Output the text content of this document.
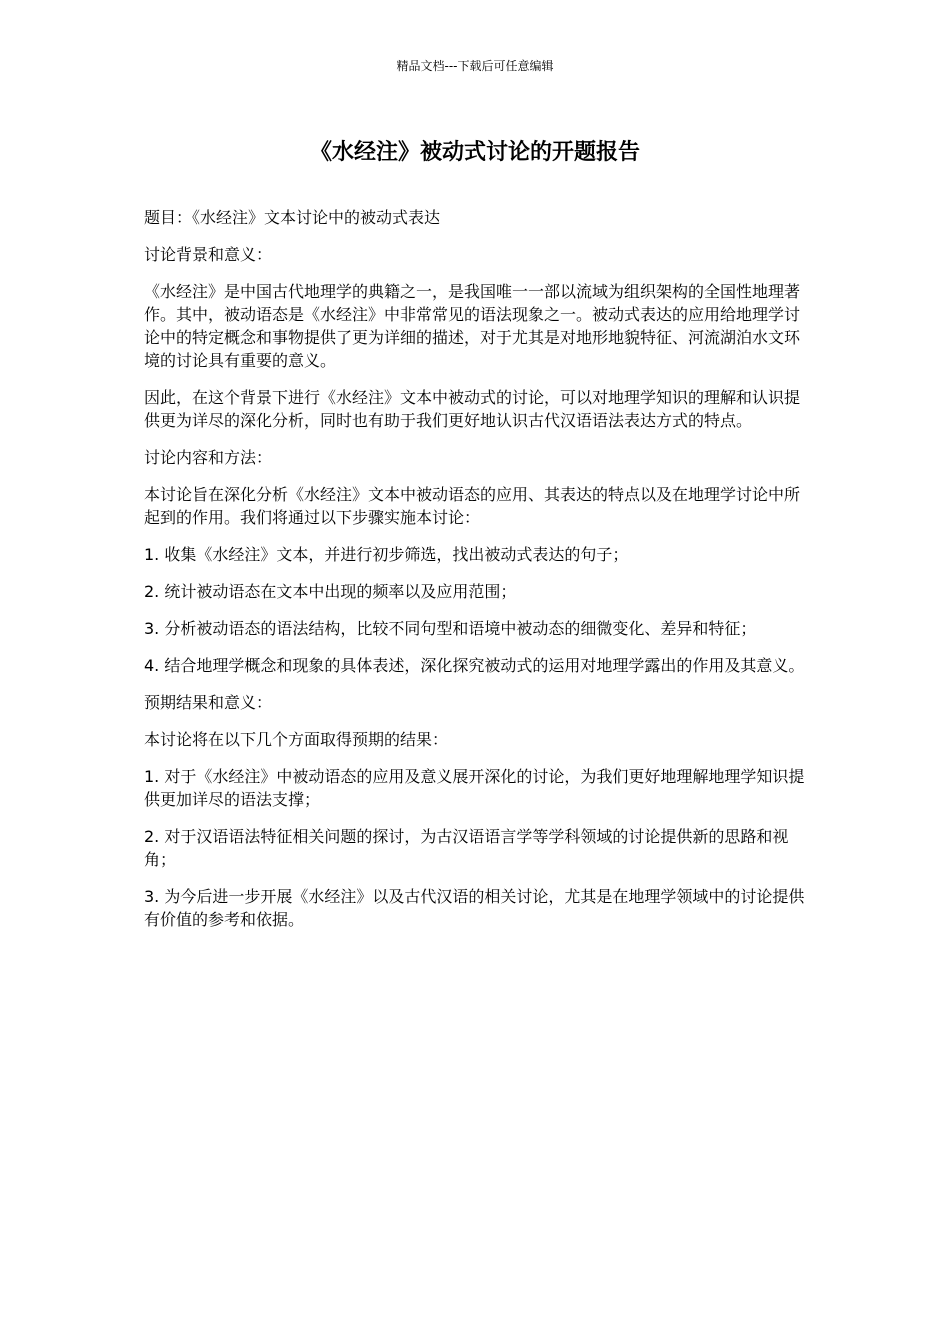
精品文档---下载后可任意编辑
《水经注》被动式讨论的开题报告

题目：《水经注》文本讨论中的被动式表达

讨论背景和意义：

《水经注》是中国古代地理学的典籍之一，是我国唯一一部以流域为组织架构的全国性地理著作。其中，被动语态是《水经注》中非常常见的语法现象之一。被动式表达的应用给地理学讨论中的特定概念和事物提供了更为详细的描述，对于尤其是对地形地貌特征、河流湖泊水文环境的讨论具有重要的意义。

因此，在这个背景下进行《水经注》文本中被动式的讨论，可以对地理学知识的理解和认识提供更为详尽的深化分析，同时也有助于我们更好地认识古代汉语语法表达方式的特点。

讨论内容和方法：

本讨论旨在深化分析《水经注》文本中被动语态的应用、其表达的特点以及在地理学讨论中所起到的作用。我们将通过以下步骤实施本讨论：

1. 收集《水经注》文本，并进行初步筛选，找出被动式表达的句子；

2. 统计被动语态在文本中出现的频率以及应用范围；

3. 分析被动语态的语法结构，比较不同句型和语境中被动态的细微变化、差异和特征；

4. 结合地理学概念和现象的具体表述，深化探究被动式的运用对地理学露出的作用及其意义。

预期结果和意义：

本讨论将在以下几个方面取得预期的结果：

1. 对于《水经注》中被动语态的应用及意义展开深化的讨论，为我们更好地理解地理学知识提供更加详尽的语法支撑；

2. 对于汉语语法特征相关问题的探讨，为古汉语语言学等学科领域的讨论提供新的思路和视角；

3. 为今后进一步开展《水经注》以及古代汉语的相关讨论，尤其是在地理学领域中的讨论提供有价值的参考和依据。
